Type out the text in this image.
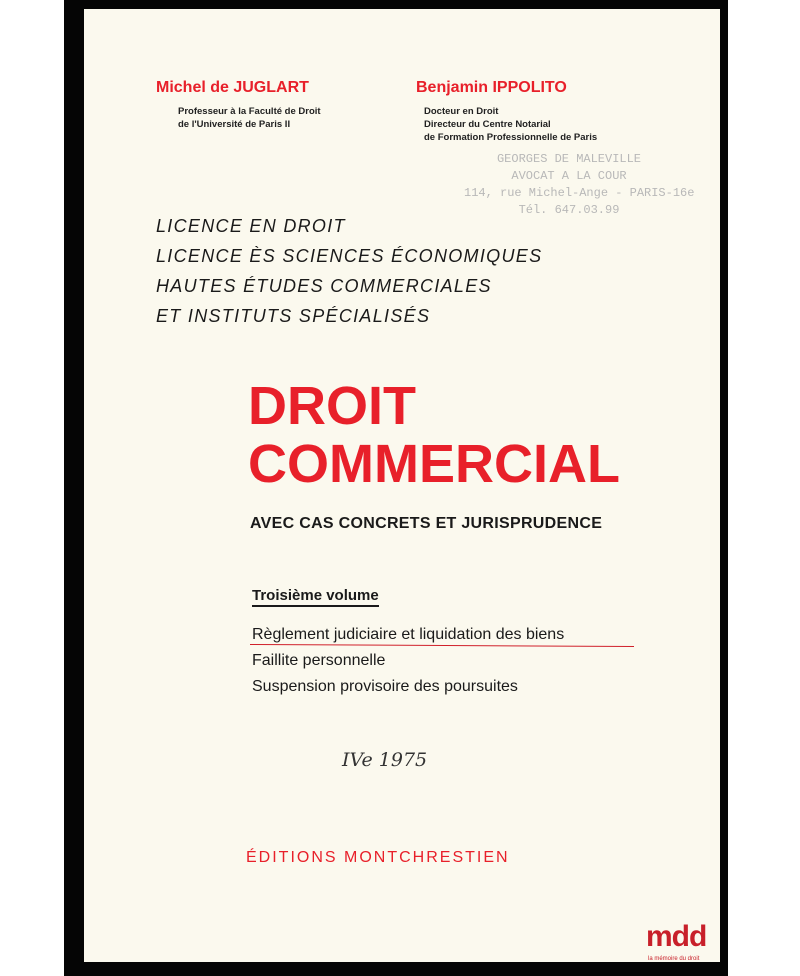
Michel de JUGLART
Professeur à la Faculté de Droit
de l'Université de Paris II
Benjamin IPPOLITO
Docteur en Droit
Directeur du Centre Notarial
de Formation Professionnelle de Paris
GEORGES DE MALEVILLE
AVOCAT A LA COUR
114, rue Michel-Ange - PARIS-16e
Tél. 647.03.99
LICENCE EN DROIT
LICENCE ÈS SCIENCES ÉCONOMIQUES
HAUTES ÉTUDES COMMERCIALES
ET INSTITUTS SPÉCIALISÉS
DROIT
COMMERCIAL
AVEC CAS CONCRETS ET JURISPRUDENCE
Troisième volume
Règlement judiciaire et liquidation des biens
Faillite personnelle
Suspension provisoire des poursuites
IVe 1975
ÉDITIONS MONTCHRESTIEN
mdd
la mémoire du droit
